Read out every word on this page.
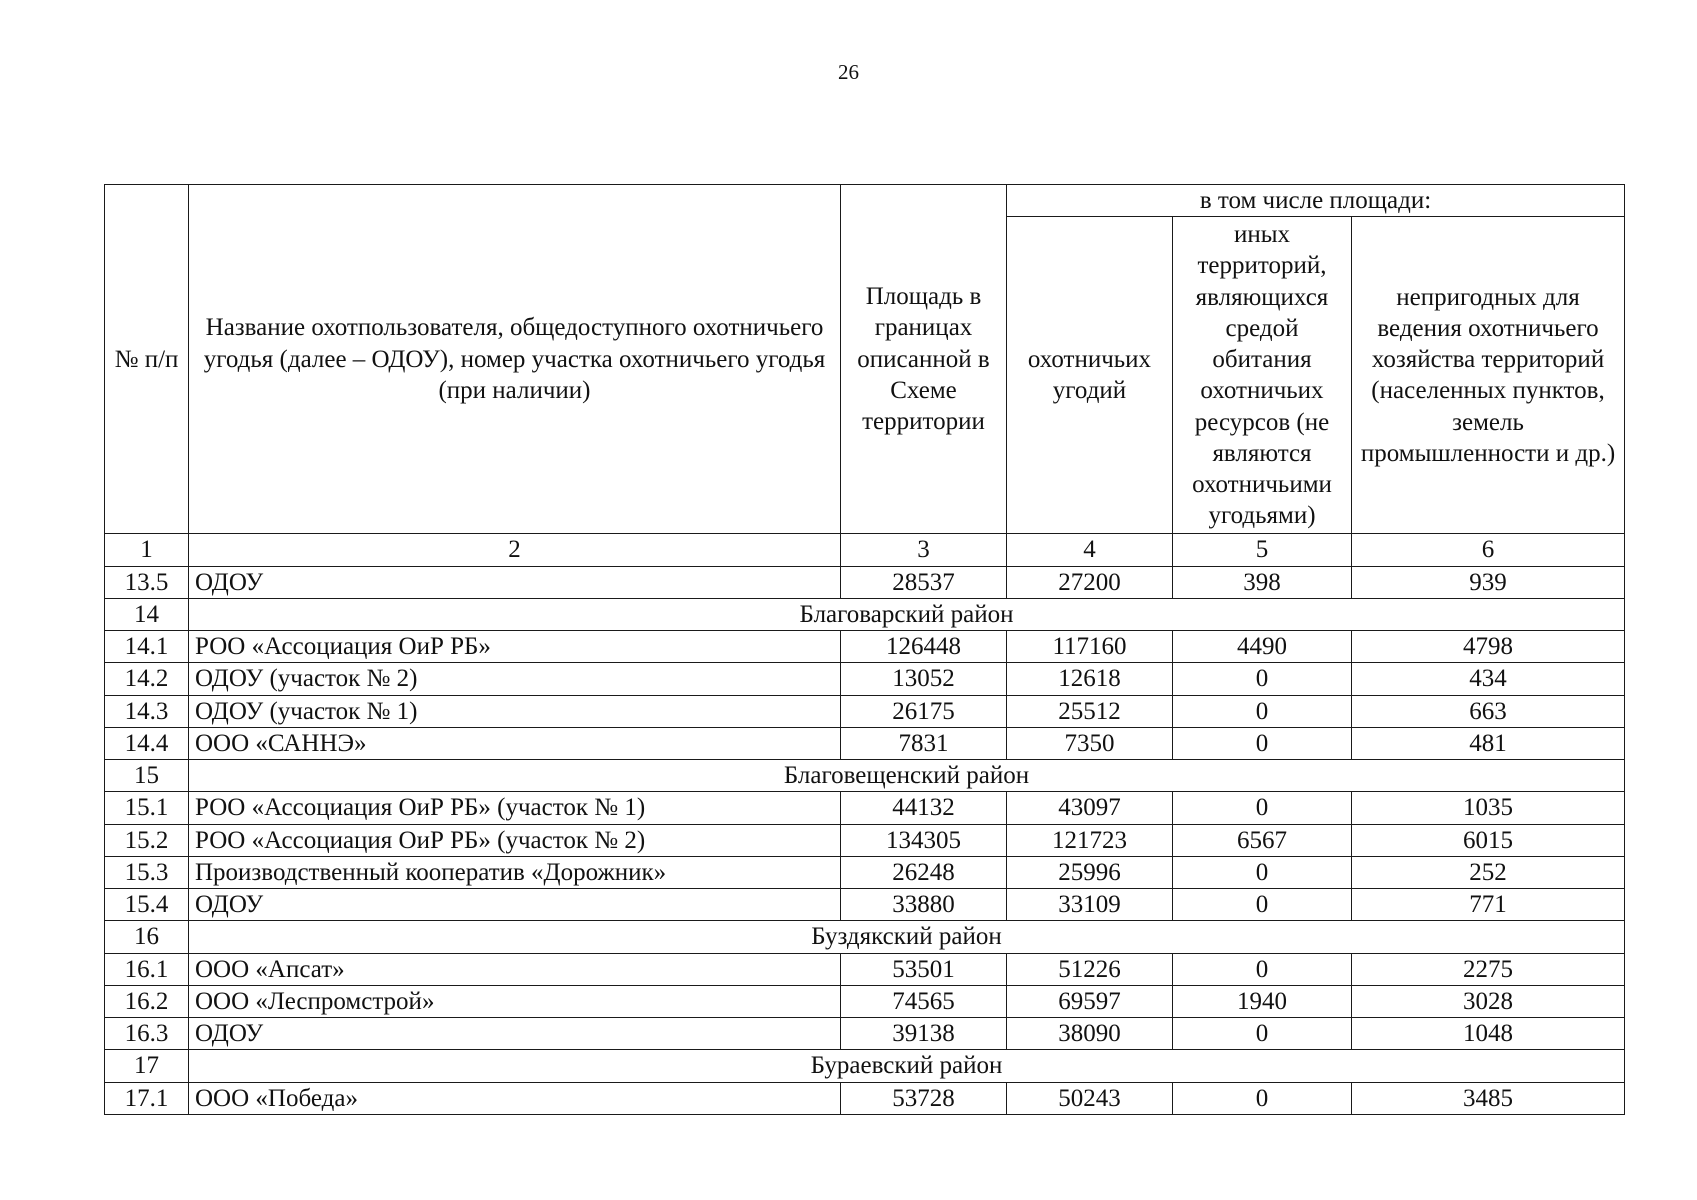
26
№ п/п	Название охотпользователя, общедоступного охотничьего угодья (далее – ОДОУ), номер участка охотничьего угодья (при наличии)	Площадь в границах описанной в Схеме территории	в том числе площади:		
			охотничьих угодий	иных территорий, являющихся средой обитания охотничьих ресурсов (не являются охотничьими угодьями)	непригодных для ведения охотничьего хозяйства территорий (населенных пунктов, земель промышленности и др.)
1	2	3	4	5	6
13.5	ОДОУ	28537	27200	398	939
14	Благоварский район				
14.1	РОО «Ассоциация ОиР РБ»	126448	117160	4490	4798
14.2	ОДОУ (участок № 2)	13052	12618	0	434
14.3	ОДОУ (участок № 1)	26175	25512	0	663
14.4	ООО «САННЭ»	7831	7350	0	481
15	Благовещенский район				
15.1	РОО «Ассоциация ОиР РБ» (участок № 1)	44132	43097	0	1035
15.2	РОО «Ассоциация ОиР РБ» (участок № 2)	134305	121723	6567	6015
15.3	Производственный кооператив «Дорожник»	26248	25996	0	252
15.4	ОДОУ	33880	33109	0	771
16	Буздякский район				
16.1	ООО «Апсат»	53501	51226	0	2275
16.2	ООО «Леспромстрой»	74565	69597	1940	3028
16.3	ОДОУ	39138	38090	0	1048
17	Бураевский район				
17.1	ООО «Победа»	53728	50243	0	3485
